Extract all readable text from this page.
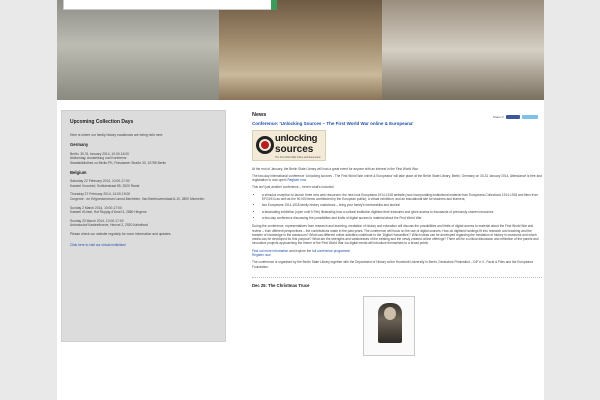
Upcoming Collection Days
Here is where our family history roadshows are being held next:
Germany
Berlin, 30-31 January 2014, 10:00-16:00
Aktionstag: Ausstellung und Konferenz
Staatsbibliothek zu Berlin-PK, Potsdamer Straße 33, 10785 Berlin
Belgium
Saturday 22 February 2014, 10:00-17:00
Kasteel Vroonhof, Schildestraat 89, 2520 Ranst
Thursday 27 February 2014, 14:00-19:00
Curgeme - en Erfgoedcentrum Lamot-Mechelen, Van Beethovenstraat 8-10, 2800 Mechelen
Sunday 2 March 2014, 10:00-17:00
Kasteel d'Ursel, Hof Ruppig d'Ursel 3, 2880 Hingene
Sunday 23 March 2014, 10:00-17:00
Antoniushof Kasteelhoeve, Heuvel 2, 2920 Kalmthout
Please check our website regularly for more information and updates.
Click here to visit our virtual exhibition!
News	Share it!
Conference: 'Unlocking Sources – The First World War online & Europeana'
unlocking
sources
The First World War online and Europeana

At the end of January, the Berlin State Library will host a great event for anyone with an interest in the First World War.

The two-day international conference 'Unlocking sources - The First World War online & Europeana' will take place at the Berlin State Library, Berlin, Germany on 30-31 January 2014. Attendance is free and registration is now open! Register now

This isn't just another conference – here's what's included:

• a stimulus reception to launch three new web resources: the new look Europeana 1914-1918 website (now incorporating institutional material from Europeana Collections 1914-1918 and films from EFG1914 as well as the 90,000 items contributed by the European public); a virtual exhibition; and an educational site for teachers and learners;
• two Europeana 1914-1918 family history roadshows – bring your family's memorabilia and stories!
• a fascinating exhibition (open until 9 Feb) illustrating how a cultural institution digitises their treasures and gives access to thousands of previously unseen resources
• a two-day conference discussing the possibilities and limits of digital access to material about the First World War

During the conference, representatives from research and teaching, mediation of history and education will discuss the possibilities and limits of digital access to material about the First World War and review – from different perspectives – the contributions made in the past years. The conference will focus on the use of digital sources: How do digitised holdings fit into research and teaching and the transfer of knowledge in the classroom? What can different online activities contribute to the 'Digital Humanities'? Which ideas can be developed regarding the mediation of history in museums and which media can be developed for this purpose? What are the strengths and weaknesses of the existing and the newly created online offerings? There will be a critical discussion and reflection of the panels and innovative projects approaching the theme of the First World War via digital media will introduce themselves to a broad public.

Find out more information and explore the full conference programme
Register now

The conference is organised by the Berlin State Library together with the Department of History at the Humboldt University in Berlin, Deutsches Filminstitut – DIF e.V., Facts & Files and the Europeana Foundation.

Dec 25: The Christmas Truce
